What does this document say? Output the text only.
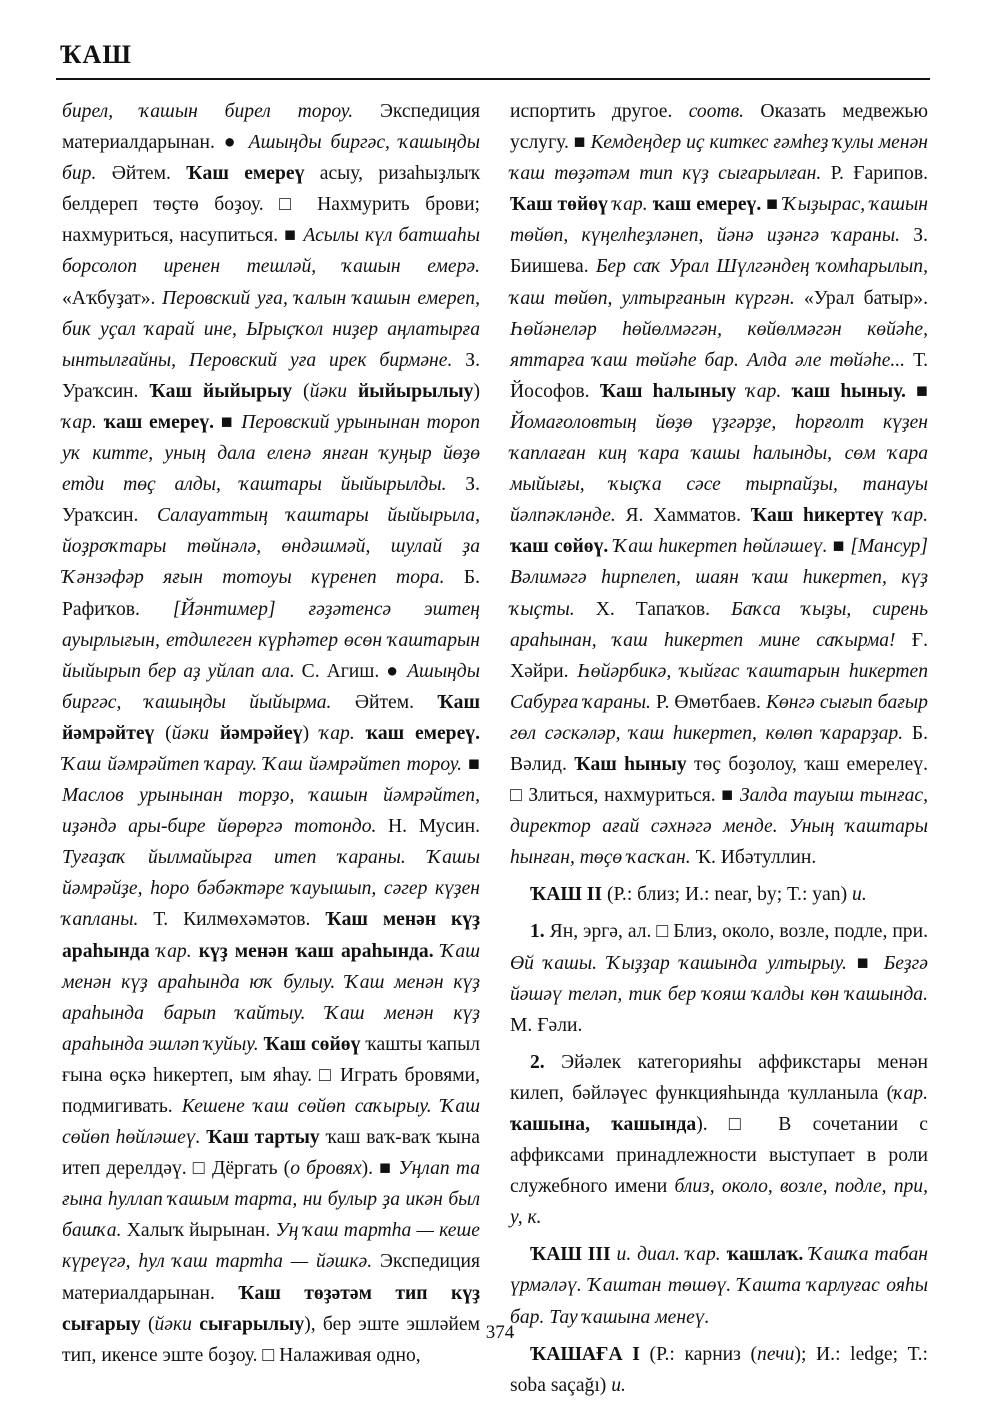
ҠАШ

бирел, ҡашын бирел тороу. Экспедиция материалдарынан. ● Ашыңды биргәс, ҡашыңды бир. Әйтем. Ҡаш емереү асыу, ризаһыҙлыҡ белдереп төҫтө боҙоу. □ Нахмурить брови; нахмуриться, насупиться. ■ Асылы күл батшаһы борсолоп иренен тешләй, ҡашын емерә. «Аҡбуҙат». Перовский уға, ҡалын ҡашын емереп, бик уҫал ҡарай ине, Ырыҫҡол ниҙер аңлатырға ынтылғайны, Перовский уға ирек бирмәне. З. Ураҡсин. Ҡаш йыйырыу (йәки йыйырылыу) ҡар. ҡаш емереү. ■ Перовский урынынан тороп уҡ китте, уның дала еленә янған ҡуңыр йөҙө етди төҫ алды, ҡаштары йыйырылды. З. Ураҡсин. Салауаттың ҡаштары йыйырыла, йоҙроҡтары төйнәлә, өндәшмәй, шулай ҙа Ҡәнзәфәр яғын тотоуы күренеп тора. Б. Рафиҡов. [Йәнтимер] ғәҙәтенсә эштең ауырлығын, етдилеген күрһәтер өсөн ҡаштарын йыйырып бер аҙ уйлап ала. С. Агиш. ● Ашыңды биргәс, ҡашыңды йыйырма. Әйтем. Ҡаш йәмрәйтеү (йәки йәмрәйеү) ҡар. ҡаш емереү. Ҡаш йәмрәйтеп ҡарау. Ҡаш йәмрәйтеп тороу. ■ Маслов урынынан торҙо, ҡашын йәмрәйтеп, иҙәндә ары-бире йөрөргә тотондо. Н. Мусин. Туғаҙаҡ йылмайырға итеп ҡараны. Ҡашы йәмрәйҙе, һоро бәбәктәре ҡауышып, сәгер күҙен ҡапланы. Т. Килмөхәмәтов. Ҡаш менән күҙ араһында ҡар. күҙ менән ҡаш араһында. Ҡаш менән күҙ араһында юҡ булыу. Ҡаш менән күҙ араһында барып ҡайтыу. Ҡаш менән күҙ араһында эшләп ҡуйыу. Ҡаш сөйөү ҡашты ҡапыл ғына өҫкә һикертеп, ым яһау. □ Играть бровями, подмигивать. Кешене ҡаш сөйөп саҡырыу. Ҡаш сөйөп һөйләшеү. Ҡаш тартыу ҡаш ваҡ-ваҡ ҡына итеп дерелдәү. □ Дёргать (о бровях). ■ Уңлап та ғына һуллап ҡашым тарта, ни булыр ҙа икән был башҡа. Халыҡ йырынан. Уң ҡаш тартһа — кеше күреүгә, һул ҡаш тартһа — йәшкә. Экспедиция материалдарынан. Ҡаш төҙәтәм тип күҙ сығарыу (йәки сығарылыу), бер эште эшләйем тип, икенсе эште боҙоу. □ Налаживая одно,

испортить другое. соотв. Оказать медвежью услугу. ■ Кемдеңдер иҫ киткес ғәмһеҙ ҡулы менән ҡаш төҙәтәм тип күҙ сығарылған. Р. Ғарипов. Ҡаш төйөү ҡар. ҡаш емереү. ■ Ҡыҙырас, ҡашын төйөп, күңелһеҙләнеп, йәнә иҙәнгә ҡараны. З. Биишева. Бер саҡ Урал Шүлгәндең ҡомһарылып, ҡаш төйөп, ултырғанын күргән. «Урал батыр». Һөйәнеләр һөйөлмәгән, көйөлмәгән көйәһе, яттарға ҡаш төйәһе бар. Алда әле төйәһе... Т. Йософов. Ҡаш һалыныу ҡар. ҡаш һыныу. ■ Йомағоловтың йөҙө үҙгәрҙе, һорғолт күҙен ҡаплаған киң ҡара ҡашы һалынды, сөм ҡара мыйығы, ҡыҫҡа сәсе тырпайҙы, танауы йәлпәкләнде. Я. Хамматов. Ҡаш һикертеү ҡар. ҡаш сөйөү. Ҡаш һикертеп һөйләшеү. ■ [Мансур] Вәлимәгә һирпелеп, шаян ҡаш һикертеп, күҙ ҡыҫты. Х. Тапаҡов. Баҡса ҡыҙы, сирень араһынан, ҡаш һикертеп мине саҡырма! Ғ. Хәйри. Һөйәрбикә, ҡыйғас ҡаштарын һикертеп Сабурға ҡараны. Р. Өмөтбаев. Көнгә сығып бағыр гөл сәскәләр, ҡаш һикертеп, көлөп ҡарарҙар. Б. Вәлид. Ҡаш һыныу төҫ боҙолоу, ҡаш емерелеү. □ Злиться, нахмуриться. ■ Залда тауыш тынғас, директор ағай сәхнәгә менде. Уның ҡаштары һынған, төҫө ҡасҡан. Ҡ. Ибәтуллин.

ҠАШ II (Р.: близ; И.: near, by; Т.: yan) и.

1. Ян, эргә, ал. □ Близ, около, возле, подле, при. Өй ҡашы. Ҡыҙҙар ҡашында ултырыу. ■ Беҙгә йәшәү теләп, тик бер ҡояш ҡалды көн ҡашында. М. Ғәли.

2. Эйәлек категорияһы аффикстары менән килеп, бәйләүес функцияһында ҡулланыла (ҡар. ҡашына, ҡашында). □ В сочетании с аффиксами принадлежности выступает в роли служебного имени близ, около, возле, подле, при, у, к.

ҠАШ III и. диал. ҡар. ҡашлаҡ. Ҡашҡа табан үрмәләү. Ҡаштан төшөү. Ҡашта ҡарлуғас ояһы бар. Тау ҡашына менеү.

ҠАШАҒА I (Р.: карниз (печи); И.: ledge; Т.: soba saçağı) и.

374
